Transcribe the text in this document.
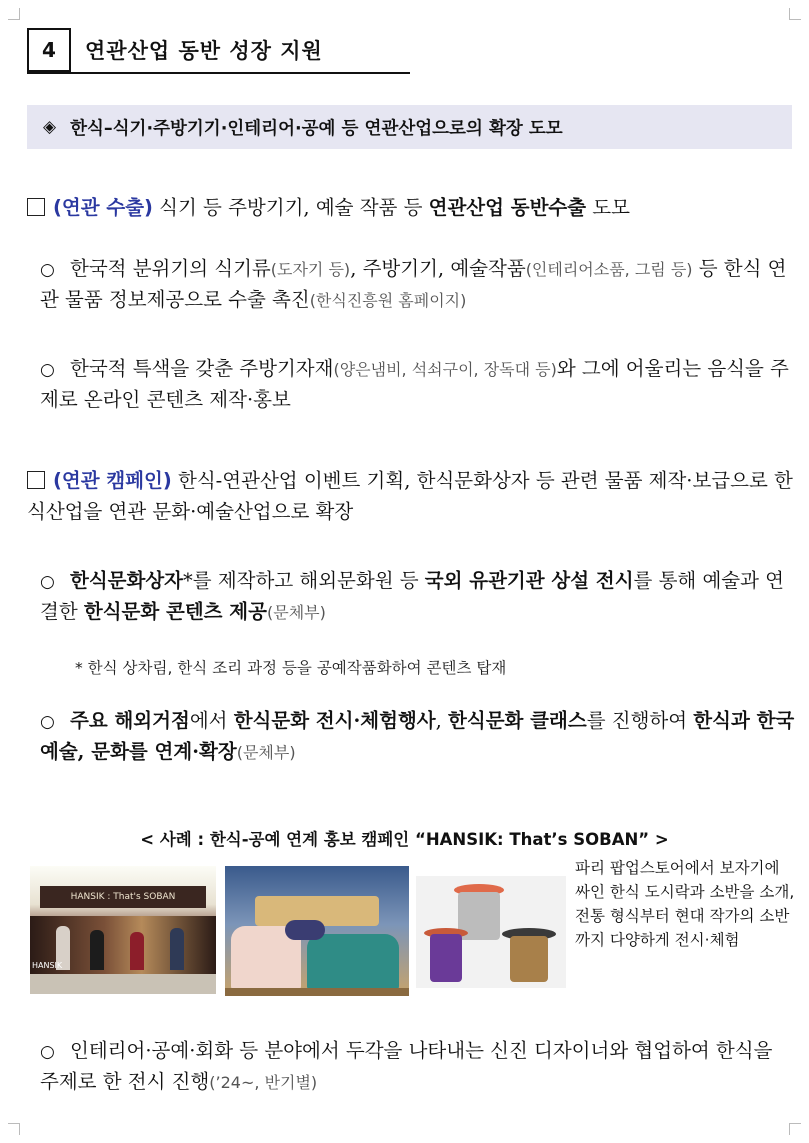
4	연관산업 동반 성장 지원
◈ 한식–식기·주방기기·인테리어·공예 등 연관산업으로의 확장 도모
(연관 수출) 식기 등 주방기기, 예술 작품 등 연관산업 동반수출 도모
○ 한국적 분위기의 식기류(도자기 등), 주방기기, 예술작품(인테리어소품, 그림 등) 등 한식 연관 물품 정보제공으로 수출 촉진(한식진흥원 홈페이지)
○ 한국적 특색을 갖춘 주방기자재(양은냄비, 석쇠구이, 장독대 등)와 그에 어울리는 음식을 주제로 온라인 콘텐츠 제작·홍보
(연관 캠페인) 한식-연관산업 이벤트 기획, 한식문화상자 등 관련 물품 제작·보급으로 한식산업을 연관 문화·예술산업으로 확장
○ 한식문화상자*를 제작하고 해외문화원 등 국외 유관기관 상설 전시를 통해 예술과 연결한 한식문화 콘텐츠 제공(문체부)
* 한식 상차림, 한식 조리 과정 등을 공예작품화하여 콘텐츠 탑재
○ 주요 해외거점에서 한식문화 전시·체험행사, 한식문화 클래스를 진행하여 한식과 한국 예술, 문화를 연계·확장(문체부)
< 사례 : 한식-공예 연계 홍보 캠페인 “HANSIK: That’s SOBAN” >
HANSIK : That's SOBAN
HANSIK
파리 팝업스토어에서 보자기에 싸인 한식 도시락과 소반을 소개, 전통 형식부터 현대 작가의 소반까지 다양하게 전시·체험
○ 인테리어·공예·회화 등 분야에서 두각을 나타내는 신진 디자이너와 협업하여 한식을 주제로 한 전시 진행(’24~, 반기별)
